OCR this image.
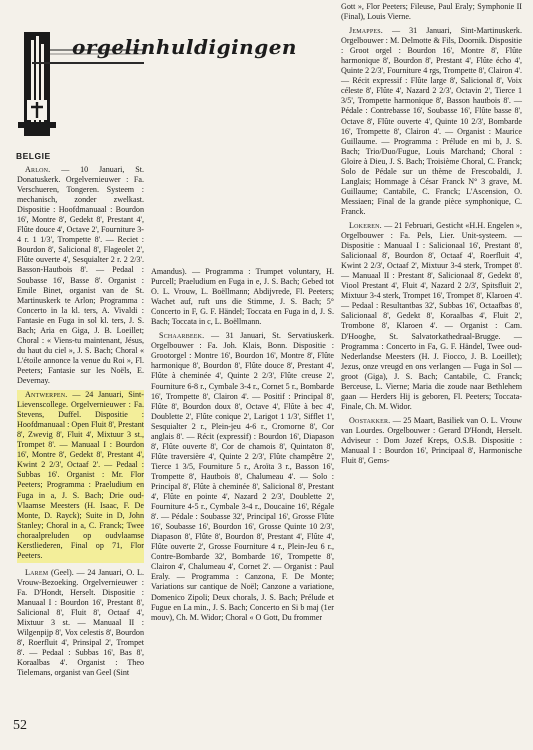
orgelinhuldigingen
BELGIE

Arlon. — 10 Januari, St. Donatuskerk. Orgelvernieuwer : Fa. Verschueren, Tongeren. Systeem : mechanisch, zonder zwelkast. Dispositie : Hoofdmanuaal : Bourdon 16', Montre 8', Gedekt 8', Prestant 4', Flûte douce 4', Octave 2', Fourniture 3-4 r. 1 1/3', Trompette 8'. — Reciet : Bourdon 8', Salicional 8', Flageolet 2', Flûte ouverte 4', Sesquialter 2 r. 2 2/3'. Basson-Hautbois 8'. — Pedaal : Soubasse 16', Basse 8'. Organist : Emile Binet, organist van de St. Martinuskerk te Arlon; Programma : Concerto in la kl. ters, A. Vivaldi : Fantasie en Fuga in sol kl. ters, J. S. Bach; Aria en Giga, J. B. Loeillet; Choral : « Viens-tu maintenant, Jésus, du haut du ciel », J. S. Bach; Choral « L'étoile annonce la venue du Roi », Fl. Peeters; Fantasie sur les Noëls, E. Devernay.

Antwerpen. — 24 Januari, Sint-Lievenscollege. Orgelvernieuwer : Fa. Stevens, Duffel. Dispositie : Hoofdmanuaal : Open Fluit 8', Prestant 8', Zwevig 8', Fluit 4', Mixtuur 3 st., Trompet 8'. — Manuaal I : Bourdon 16', Montre 8', Gedekt 8', Prestant 4', Kwint 2 2/3', Octaaf 2'. — Pedaal : Subbas 16'. Organist : Mr. Flor Peeters; Programma : Praeludium en Fuga in a, J. S. Bach; Drie oud-Vlaamse Meesters (H. Isaac, F. De Monte, D. Rayck); Suite in D, John Stanley; Choral in a, C. Franck; Twee choraalpreluden op oudvlaamse Kerstliederen, Final op 71, Flor Peeters.

Larem (Geel). — 24 Januari, O. L. Vrouw-Bezoeking. Orgelvernieuwer : Fa. D'Hondt, Herselt. Dispositie : Manuaal I : Bourdon 16', Prestant 8', Salicional 8', Fluit 8', Octaaf 4', Mixtuur 3 st. — Manuaal II : Wilgenpijp 8', Vox celestis 8', Bourdon 8', Roerfluit 4', Prinsipal 2', Trompet 8'. — Pedaal : Subbas 16', Bas 8', Koraalbas 4'. Organist : Theo Tielemans, organist van Geel (Sint

Amandus). — Programma : Trumpet voluntary, H. Purcell; Praeludium en Fuga in e, J. S. Bach; Gebed tot O. L. Vrouw, L. Boëllmann; Abdijvrede, Fl. Peeters; Wachet auf, ruft uns die Stimme, J. S. Bach; 5° Concerto in F, G. F. Händel; Toccata en Fuga in d, J. S. Bach; Toccata in c, L. Boëllmann.

Schaarbeek. — 31 Januari, St. Servatiuskerk. Orgelbouwer : Fa. Joh. Klais, Bonn. Dispositie : Grootorgel : Montre 16', Bourdon 16', Montre 8', Flûte harmonique 8', Bourdon 8', Flûte douce 8', Prestant 4', Flûte à cheminée 4', Quinte 2 2/3', Flûte creuse 2', Fourniture 6-8 r., Cymbale 3-4 r., Cornet 5 r., Bombarde 16', Trompette 8', Clairon 4'. — Positif : Principal 8', Flûte 8', Bourdon doux 8', Octave 4', Flûte à bec 4', Doublette 2', Flûte conique 2', Larigot 1 1/3', Sifflet 1', Sesquialter 2 r., Plein-jeu 4-6 r., Cromorne 8', Cor anglais 8'. — Récit (expressif) : Bourdon 16', Diapason 8', Flûte ouverte 8', Cor de chamois 8', Quintaton 8', Flûte traversière 4', Quinte 2 2/3', Flûte champêtre 2', Tierce 1 3/5, Fourniture 5 r., Aroïta 3 r., Basson 16', Trompette 8', Hautbois 8', Chalumeau 4'. — Solo : Principal 8', Flûte à cheminée 8', Salicional 8', Prestant 4', Flûte en pointe 4', Nazard 2 2/3', Doublette 2', Fourniture 4-5 r., Cymbale 3-4 r., Doucaine 16', Régale 8'. — Pédale : Soubasse 32', Principal 16', Grosse Flûte 16', Soubasse 16', Bourdon 16', Grosse Quinte 10 2/3', Diapason 8', Flûte 8', Bourdon 8', Prestant 4', Flûte 4', Flûte ouverte 2', Grosse Fourniture 4 r., Plein-Jeu 6 r., Contre-Bombarde 32', Bombarde 16', Trompette 8', Clairon 4', Chalumeau 4', Cornet 2'. — Organist : Paul Eraly. — Programma : Canzona, F. De Monte; Variations sur cantique de Noël; Canzone a variatione, Domenico Zipoli; Deux chorals, J. S. Bach; Prélude et Fugue en La min., J. S. Bach; Concerto en Si b maj (1er mouv), Ch. M. Widor; Choral « O Gott, Du frommer

Gott », Flor Peeters; Fileuse, Paul Eraly; Symphonie II (Final), Louis Vierne.

Jemappes. — 31 Januari, Sint-Martinuskerk. Orgelbouwer : M. Delmotte & Fils, Doornik. Dispositie : Groot orgel : Bourdon 16', Montre 8', Flûte harmonique 8', Bourdon 8', Prestant 4', Flûte écho 4', Quinte 2 2/3', Fourniture 4 rgs, Trompette 8', Clairon 4'. — Récit expressif : Flûte large 8', Salicional 8', Voix céleste 8', Flûte 4', Nazard 2 2/3', Octavin 2', Tierce 1 3/5', Trompette harmonique 8', Basson hautbois 8'. — Pédale : Contrebasse 16', Soubasse 16', Flûte basse 8', Octave 8', Flûte ouverte 4', Quinte 10 2/3', Bombarde 16', Trompette 8', Clairon 4'. — Organist : Maurice Guillaume. — Programma : Prélude en mi b, J. S. Bach; Trio/Duo/Fugue, Louis Marchand; Choral : Gloire à Dieu, J. S. Bach; Troisième Choral, C. Franck; Solo de Pédale sur un thème de Frescobaldi, J. Langlais; Hommage à César Franck N° 3 grave, M. Guillaume; Cantabile, C. Franck; L'Ascension, O. Messiaen; Final de la grande pièce symphonique, C. Franck.

Lokeren. — 21 Februari, Gesticht «H.H. Engelen », Orgelbouwer : Fa. Pels, Lier. Unit-systeem. — Dispositie : Manuaal I : Salicionaal 16', Prestant 8', Salicionaal 8', Bourdon 8', Octaaf 4', Roerfluit 4', Kwint 2 2/3', Octaaf 2', Mixtuur 3-4 sterk, Trompet 8'. — Manuaal II : Prestant 8', Salicionaal 8', Gedekt 8', Viool Prestant 4', Fluit 4', Nazard 2 2/3', Spitsfluit 2', Mixtuur 3-4 sterk, Trompet 16', Trompet 8', Klaroen 4'. — Pedaal : Resultantbas 32', Subbas 16', Octaafbas 8', Salicionaal 8', Gedekt 8', Koraalbas 4', Fluit 2', Trombone 8', Klaroen 4'. — Organist : Cam. D'Hooghe, St. Salvatorkathedraal-Brugge. — Programma : Concerto in Fa, G. F. Händel, Twee oud-Nederlandse Meesters (H. J. Fiocco, J. B. Loeillet); Jezus, onze vreugd en ons verlangen — Fuga in Sol — groot (Giga), J. S. Bach; Cantabile, C. Franck; Berceuse, L. Vierne; Maria die zoude naar Bethlehem gaan — Herders Hij is geboren, Fl. Peeters; Toccata-Finale, Ch. M. Widor.

Oostakker. — 25 Maart, Basiliek van O. L. Vrouw van Lourdes. Orgelbouwer : Gerard D'Hondt, Herselt. Adviseur : Dom Jozef Kreps, O.S.B. Dispositie : Manuaal I : Bourdon 16', Principaal 8', Harmonische Fluit 8', Gems-

52
